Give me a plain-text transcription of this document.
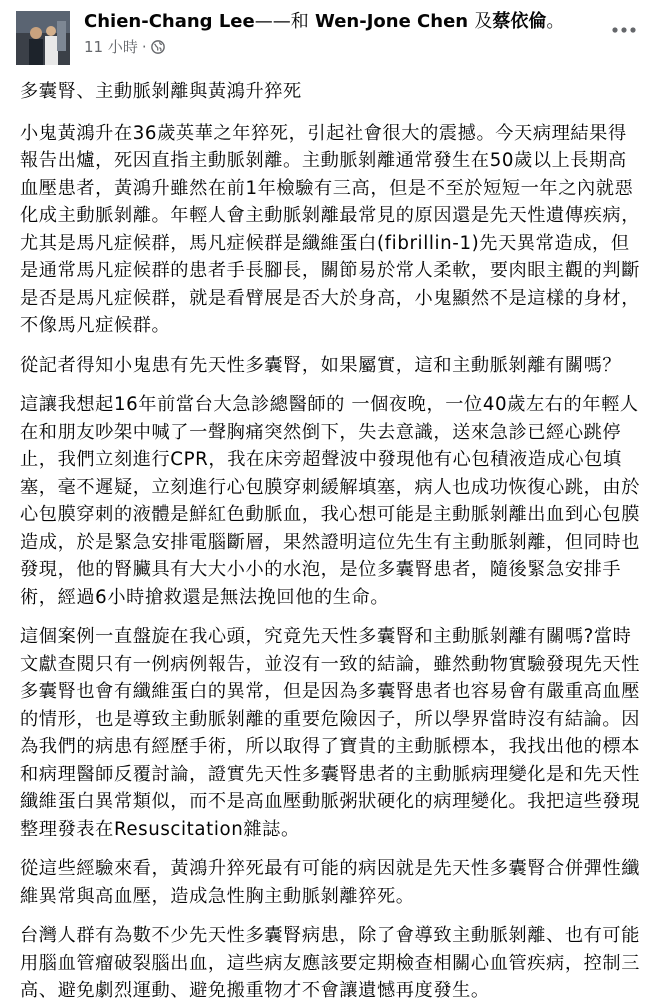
Chien-Chang Lee——和 Wen-Jone Chen 及蔡依倫。
11 小時 ·

多囊腎、主動脈剝離與黃鴻升猝死

小鬼黃鴻升在36歲英華之年猝死，引起社會很大的震撼。今天病理結果得報告出爐，死因直指主動脈剝離。主動脈剝離通常發生在50歲以上長期高血壓患者，黃鴻升雖然在前1年檢驗有三高，但是不至於短短一年之內就惡化成主動脈剝離。年輕人會主動脈剝離最常見的原因還是先天性遺傳疾病，尤其是馬凡症候群，馬凡症候群是纖維蛋白(fibrillin-1)先天異常造成，但是通常馬凡症候群的患者手長腳長，關節易於常人柔軟，要肉眼主觀的判斷是否是馬凡症候群，就是看臂展是否大於身高，小鬼顯然不是這樣的身材，不像馬凡症候群。

從記者得知小鬼患有先天性多囊腎，如果屬實，這和主動脈剝離有關嗎？

這讓我想起16年前當台大急診總醫師的 一個夜晚，一位40歲左右的年輕人在和朋友吵架中喊了一聲胸痛突然倒下，失去意識，送來急診已經心跳停止，我們立刻進行CPR，我在床旁超聲波中發現他有心包積液造成心包填塞，毫不遲疑，立刻進行心包膜穿刺緩解填塞，病人也成功恢復心跳，由於心包膜穿刺的液體是鮮紅色動脈血，我心想可能是主動脈剝離出血到心包膜造成，於是緊急安排電腦斷層，果然證明這位先生有主動脈剝離，但同時也發現，他的腎臟具有大大小小的水泡，是位多囊腎患者，隨後緊急安排手術，經過6小時搶救還是無法挽回他的生命。

這個案例一直盤旋在我心頭，究竟先天性多囊腎和主動脈剝離有關嗎?當時文獻查閱只有一例病例報告，並沒有一致的結論，雖然動物實驗發現先天性多囊腎也會有纖維蛋白的異常，但是因為多囊腎患者也容易會有嚴重高血壓的情形，也是導致主動脈剝離的重要危險因子，所以學界當時沒有結論。因為我們的病患有經歷手術，所以取得了寶貴的主動脈標本，我找出他的標本和病理醫師反覆討論，證實先天性多囊腎患者的主動脈病理變化是和先天性纖維蛋白異常類似，而不是高血壓動脈粥狀硬化的病理變化。我把這些發現整理發表在Resuscitation雜誌。

從這些經驗來看，黃鴻升猝死最有可能的病因就是先天性多囊腎合併彈性纖維異常與高血壓，造成急性胸主動脈剝離猝死。

台灣人群有為數不少先天性多囊腎病患，除了會導致主動脈剝離、也有可能用腦血管瘤破裂腦出血，這些病友應該要定期檢查相關心血管疾病，控制三高、避免劇烈運動、避免搬重物才不會讓遺憾再度發生。
